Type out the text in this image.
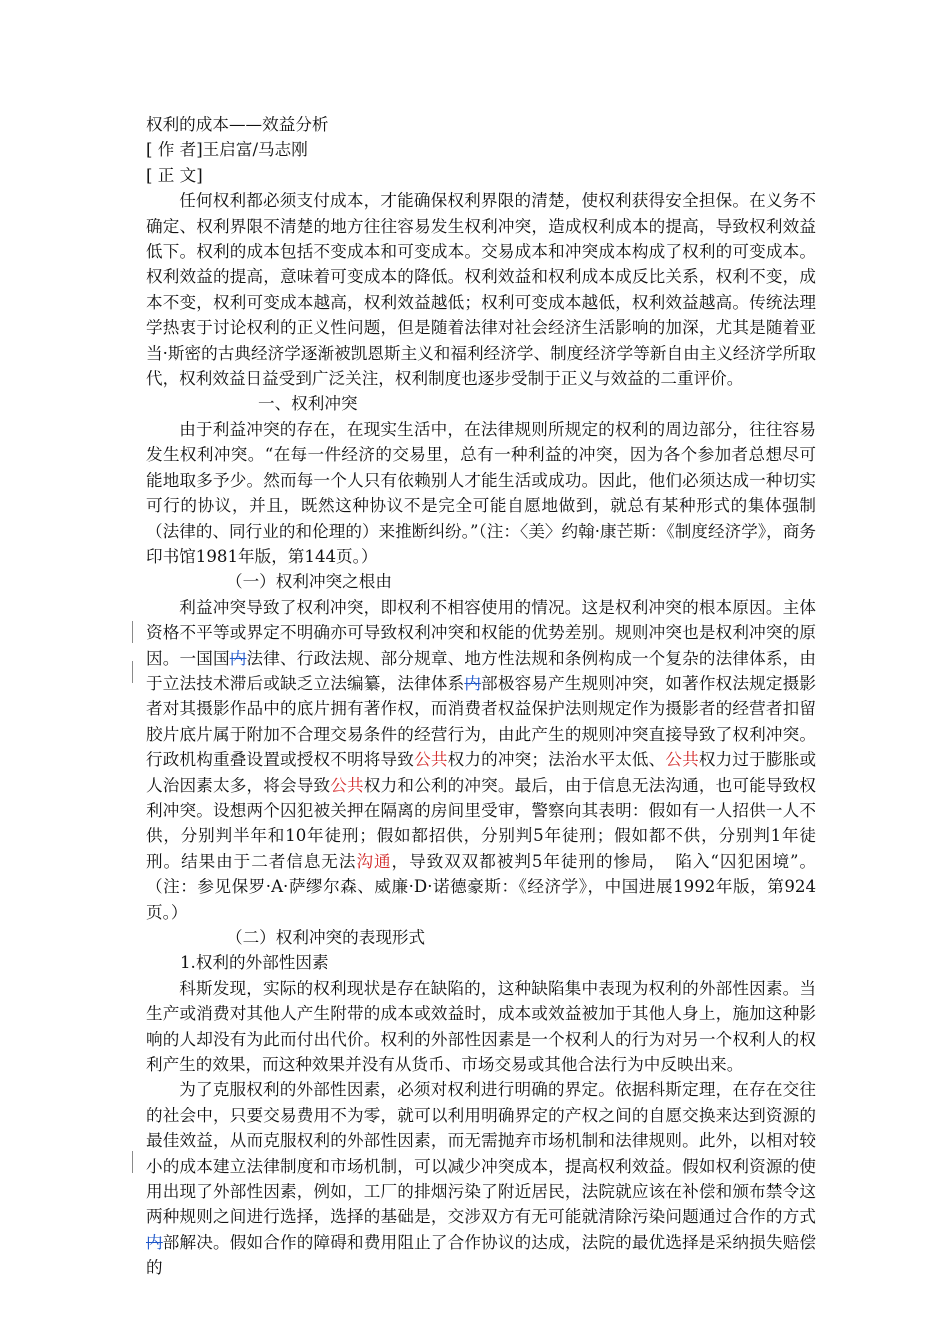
权利的成本——效益分析
[ 作 者]王启富/马志刚
[ 正 文]

任何权利都必须支付成本，才能确保权利界限的清楚，使权利获得安全担保。在义务不确定、权利界限不清楚的地方往往容易发生权利冲突，造成权利成本的提高，导致权利效益低下。权利的成本包括不变成本和可变成本。交易成本和冲突成本构成了权利的可变成本。权利效益的提高，意味着可变成本的降低。权利效益和权利成本成反比关系，权利不变，成本不变，权利可变成本越高，权利效益越低；权利可变成本越低，权利效益越高。传统法理学热衷于讨论权利的正义性问题，但是随着法律对社会经济生活影响的加深，尤其是随着亚当·斯密的古典经济学逐渐被凯恩斯主义和福利经济学、制度经济学等新自由主义经济学所取代，权利效益日益受到广泛关注，权利制度也逐步受制于正义与效益的二重评价。

一、权利冲突

由于利益冲突的存在，在现实生活中，在法律规则所规定的权利的周边部分，往往容易发生权利冲突。“在每一件经济的交易里，总有一种利益的冲突，因为各个参加者总想尽可能地取多予少。然而每一个人只有依赖别人才能生活或成功。因此，他们必须达成一种切实可行的协议，并且，既然这种协议不是完全可能自愿地做到，就总有某种形式的集体强制（法律的、同行业的和伦理的）来推断纠纷。”（注：〈美〉约翰·康芒斯：《制度经济学》，商务印书馆1981年版，第144页。）

（一）权利冲突之根由

利益冲突导致了权利冲突，即权利不相容使用的情况。这是权利冲突的根本原因。主体资格不平等或界定不明确亦可导致权利冲突和权能的优势差别。规则冲突也是权利冲突的原因。一国国内法律、行政法规、部分规章、地方性法规和条例构成一个复杂的法律体系，由于立法技术滞后或缺乏立法编纂，法律体系内部极容易产生规则冲突，如著作权法规定摄影者对其摄影作品中的底片拥有著作权，而消费者权益保护法则规定作为摄影者的经营者扣留胶片底片属于附加不合理交易条件的经营行为，由此产生的规则冲突直接导致了权利冲突。行政机构重叠设置或授权不明将导致公共权力的冲突；法治水平太低、公共权力过于膨胀或人治因素太多，将会导致公共权力和公利的冲突。最后，由于信息无法沟通，也可能导致权利冲突。设想两个囚犯被关押在隔离的房间里受审，警察向其表明：假如有一人招供一人不供，分别判半年和10年徒刑；假如都招供，分别判5年徒刑；假如都不供，分别判1年徒刑。结果由于二者信息无法沟通，导致双双都被判5年徒刑的惨局，　陷入“囚犯困境”。（注：参见保罗·A·萨缪尔森、威廉·D·诺德豪斯：《经济学》，中国进展1992年版，第924页。）

（二）权利冲突的表现形式
1.权利的外部性因素

科斯发现，实际的权利现状是存在缺陷的，这种缺陷集中表现为权利的外部性因素。当生产或消费对其他人产生附带的成本或效益时，成本或效益被加于其他人身上，施加这种影响的人却没有为此而付出代价。权利的外部性因素是一个权利人的行为对另一个权利人的权利产生的效果，而这种效果并没有从货币、市场交易或其他合法行为中反映出来。

为了克服权利的外部性因素，必须对权利进行明确的界定。依据科斯定理，在存在交往的社会中，只要交易费用不为零，就可以利用明确界定的产权之间的自愿交换来达到资源的最佳效益，从而克服权利的外部性因素，而无需抛弃市场机制和法律规则。此外，以相对较小的成本建立法律制度和市场机制，可以减少冲突成本，提高权利效益。假如权利资源的使用出现了外部性因素，例如，工厂的排烟污染了附近居民，法院就应该在补偿和颁布禁令这两种规则之间进行选择，选择的基础是，交涉双方有无可能就清除污染问题通过合作的方式内部解决。假如合作的障碍和费用阻止了合作协议的达成，法院的最优选择是采纳损失赔偿的
